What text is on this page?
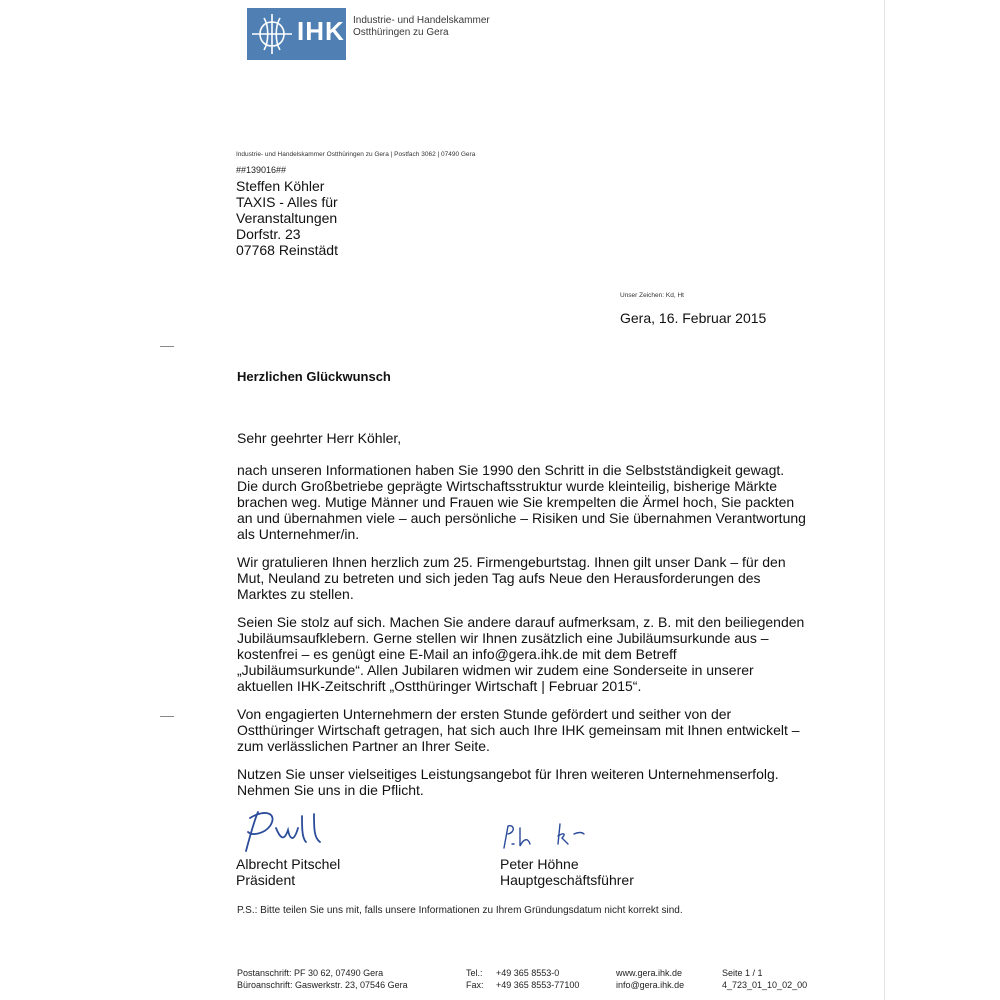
IHK Industrie- und Handelskammer
Ostthüringen zu Gera
Industrie- und Handelskammer Ostthüringen zu Gera | Postfach 3062 | 07490 Gera
##139016##
Steffen Köhler
TAXIS - Alles für
Veranstaltungen
Dorfstr. 23
07768 Reinstädt
Unser Zeichen: Kd, Ht
Gera, 16. Februar 2015
Herzlichen Glückwunsch
Sehr geehrter Herr Köhler,
nach unseren Informationen haben Sie 1990 den Schritt in die Selbstständigkeit gewagt. Die durch Großbetriebe geprägte Wirtschaftsstruktur wurde kleinteilig, bisherige Märkte brachen weg. Mutige Männer und Frauen wie Sie krempelten die Ärmel hoch, Sie packten an und übernahmen viele – auch persönliche – Risiken und Sie übernahmen Verantwortung als Unternehmer/in.
Wir gratulieren Ihnen herzlich zum 25. Firmengeburtstag. Ihnen gilt unser Dank – für den Mut, Neuland zu betreten und sich jeden Tag aufs Neue den Herausforderungen des Marktes zu stellen.
Seien Sie stolz auf sich. Machen Sie andere darauf aufmerksam, z. B. mit den beiliegenden Jubiläumsaufklebern. Gerne stellen wir Ihnen zusätzlich eine Jubiläumsurkunde aus – kostenfrei – es genügt eine E-Mail an info@gera.ihk.de mit dem Betreff „Jubiläumsurkunde“. Allen Jubilaren widmen wir zudem eine Sonderseite in unserer aktuellen IHK-Zeitschrift „Ostthüringer Wirtschaft | Februar 2015“.
Von engagierten Unternehmern der ersten Stunde gefördert und seither von der Ostthüringer Wirtschaft getragen, hat sich auch Ihre IHK gemeinsam mit Ihnen entwickelt – zum verlässlichen Partner an Ihrer Seite.
Nutzen Sie unser vielseitiges Leistungsangebot für Ihren weiteren Unternehmenserfolg. Nehmen Sie uns in die Pflicht.
Albrecht Pitschel
Präsident
Peter Höhne
Hauptgeschäftsführer
P.S.: Bitte teilen Sie uns mit, falls unsere Informationen zu Ihrem Gründungsdatum nicht korrekt sind.
Postanschrift: PF 30 62, 07490 Gera
Büroanschrift: Gaswerkstr. 23, 07546 Gera
Tel.: +49 365 8553-0
Fax: +49 365 8553-77100
www.gera.ihk.de
info@gera.ihk.de
Seite 1 / 1
4_723_01_10_02_00
